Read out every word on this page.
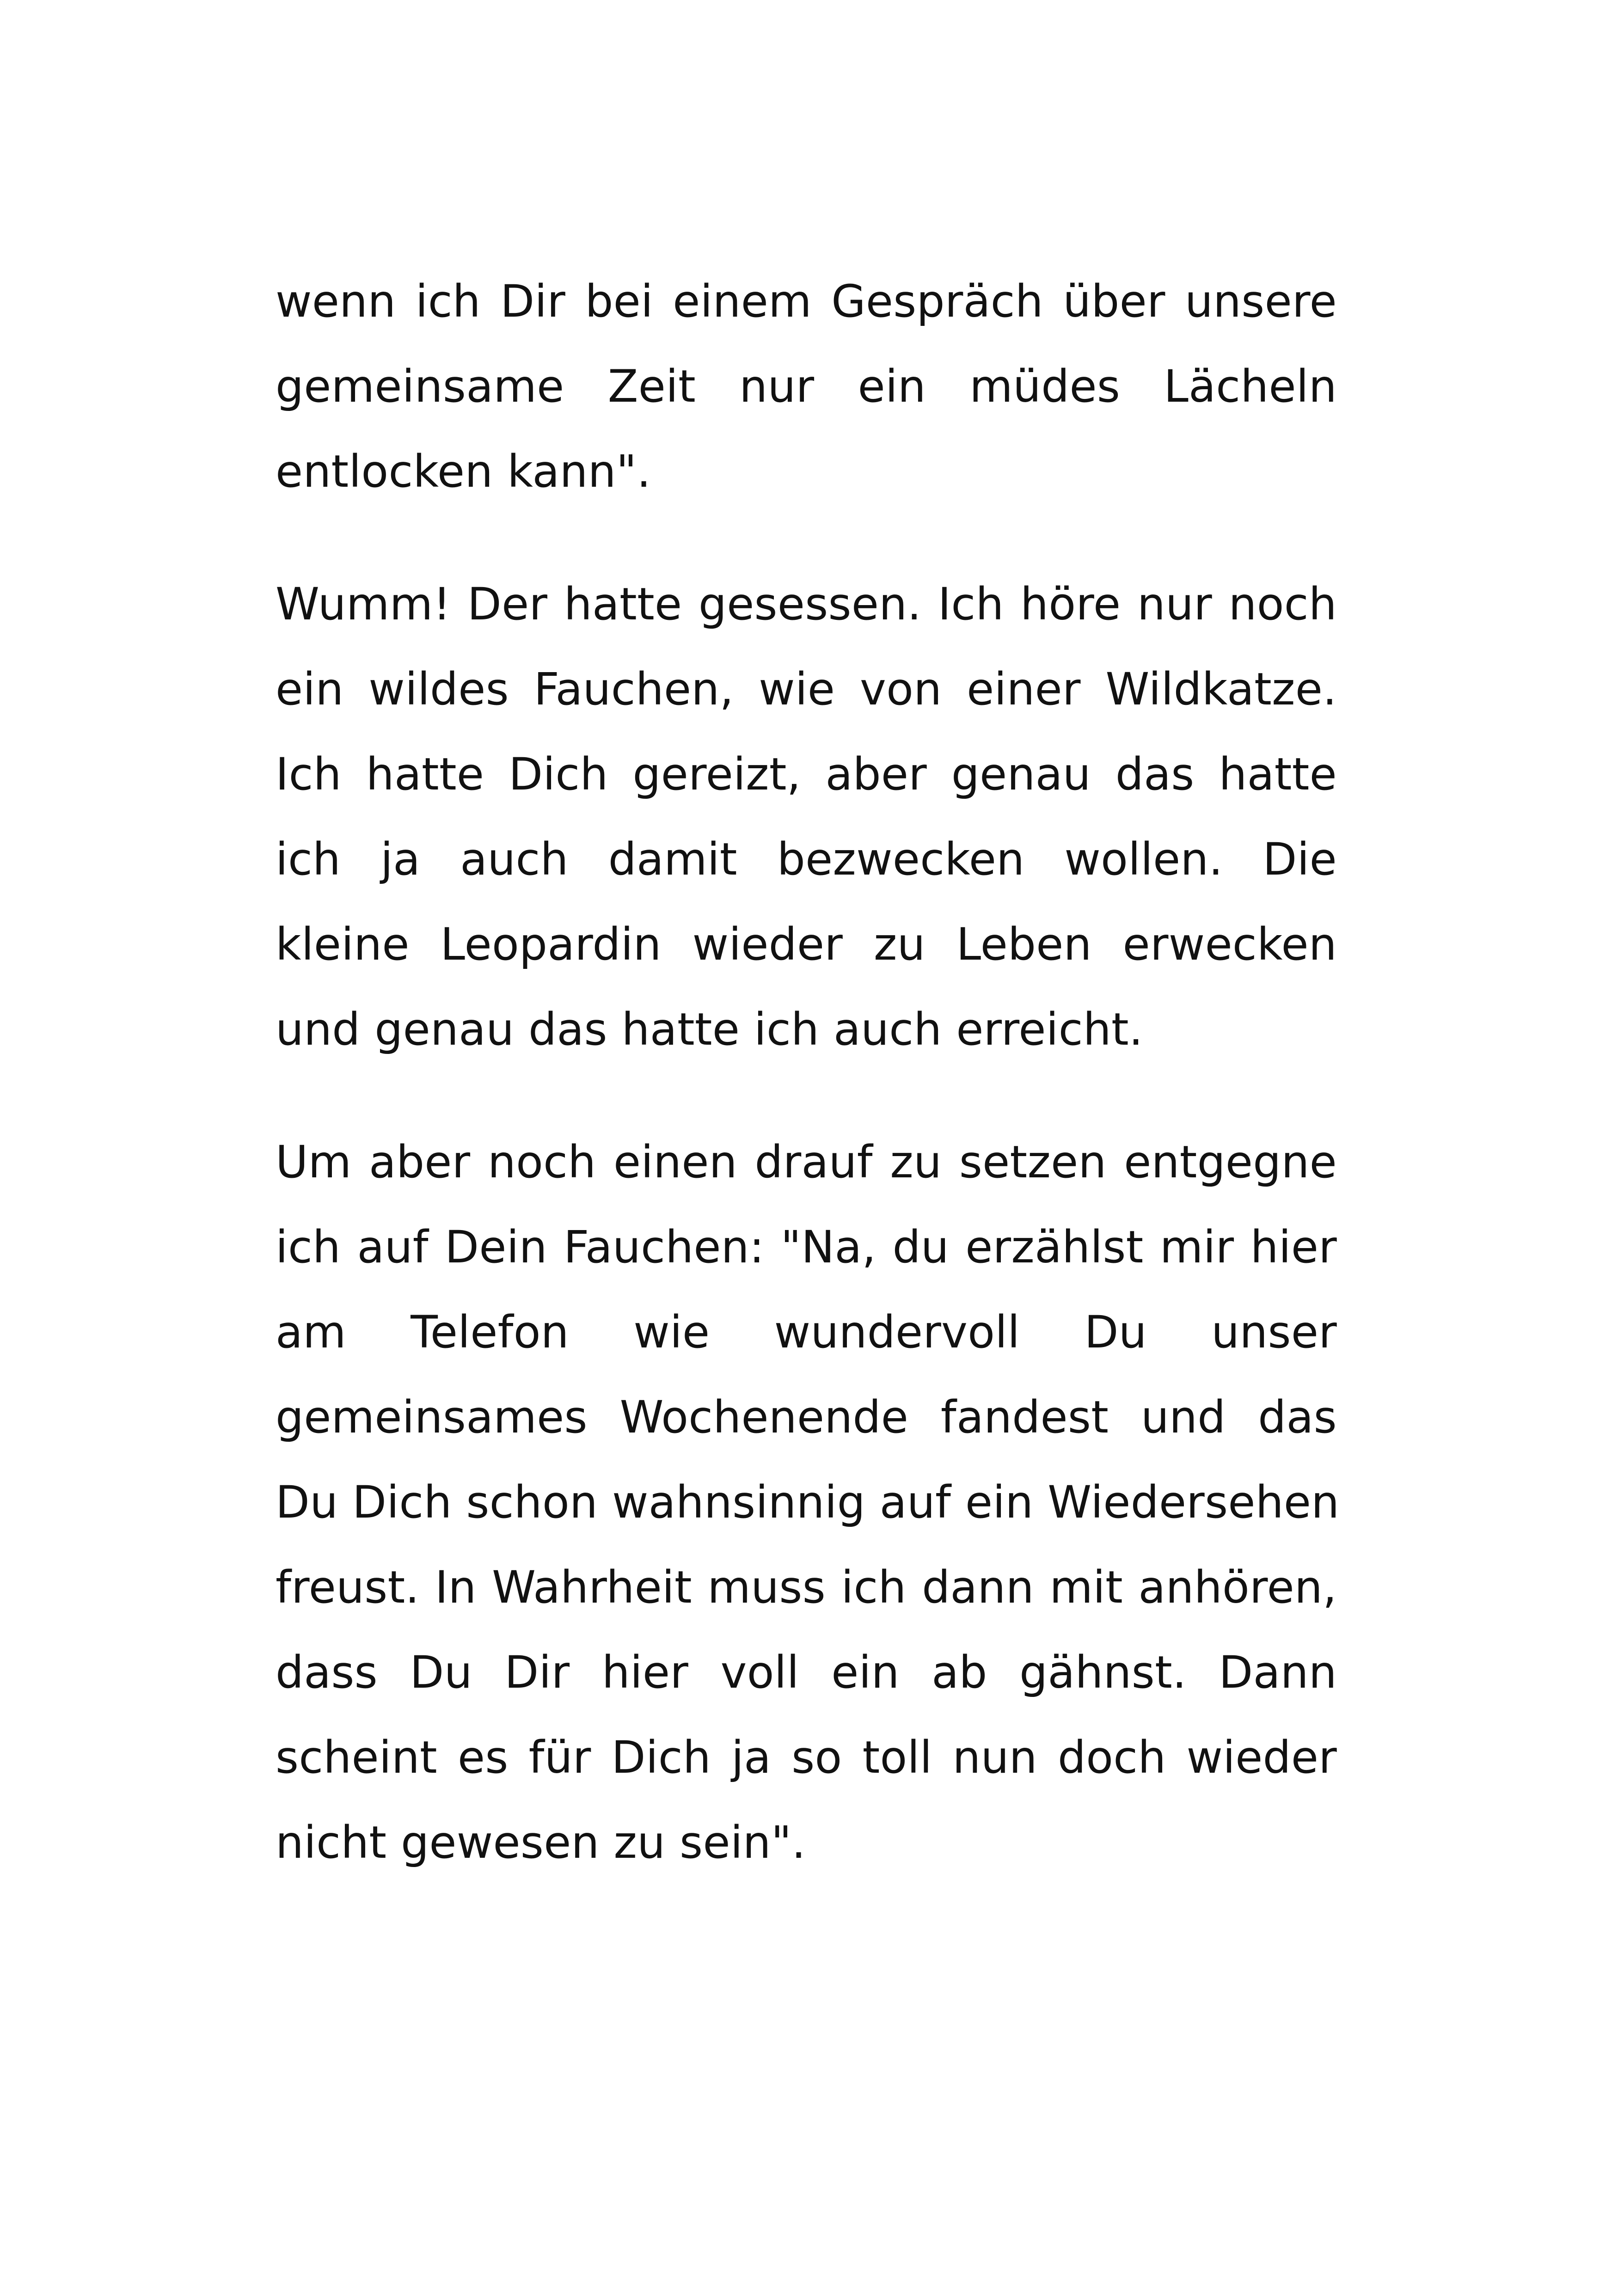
wenn ich Dir bei einem Gespräch über unsere
gemeinsame Zeit nur ein müdes Lächeln
entlocken kann".
Wumm! Der hatte gesessen. Ich höre nur noch
ein wildes Fauchen, wie von einer Wildkatze.
Ich hatte Dich gereizt, aber genau das hatte
ich ja auch damit bezwecken wollen. Die
kleine Leopardin wieder zu Leben erwecken
und genau das hatte ich auch erreicht.
Um aber noch einen drauf zu setzen entgegne
ich auf Dein Fauchen: "Na, du erzählst mir hier
am Telefon wie wundervoll Du unser
gemeinsames Wochenende fandest und das
Du Dich schon wahnsinnig auf ein Wiedersehen
freust. In Wahrheit muss ich dann mit anhören,
dass Du Dir hier voll ein ab gähnst. Dann
scheint es für Dich ja so toll nun doch wieder
nicht gewesen zu sein".
